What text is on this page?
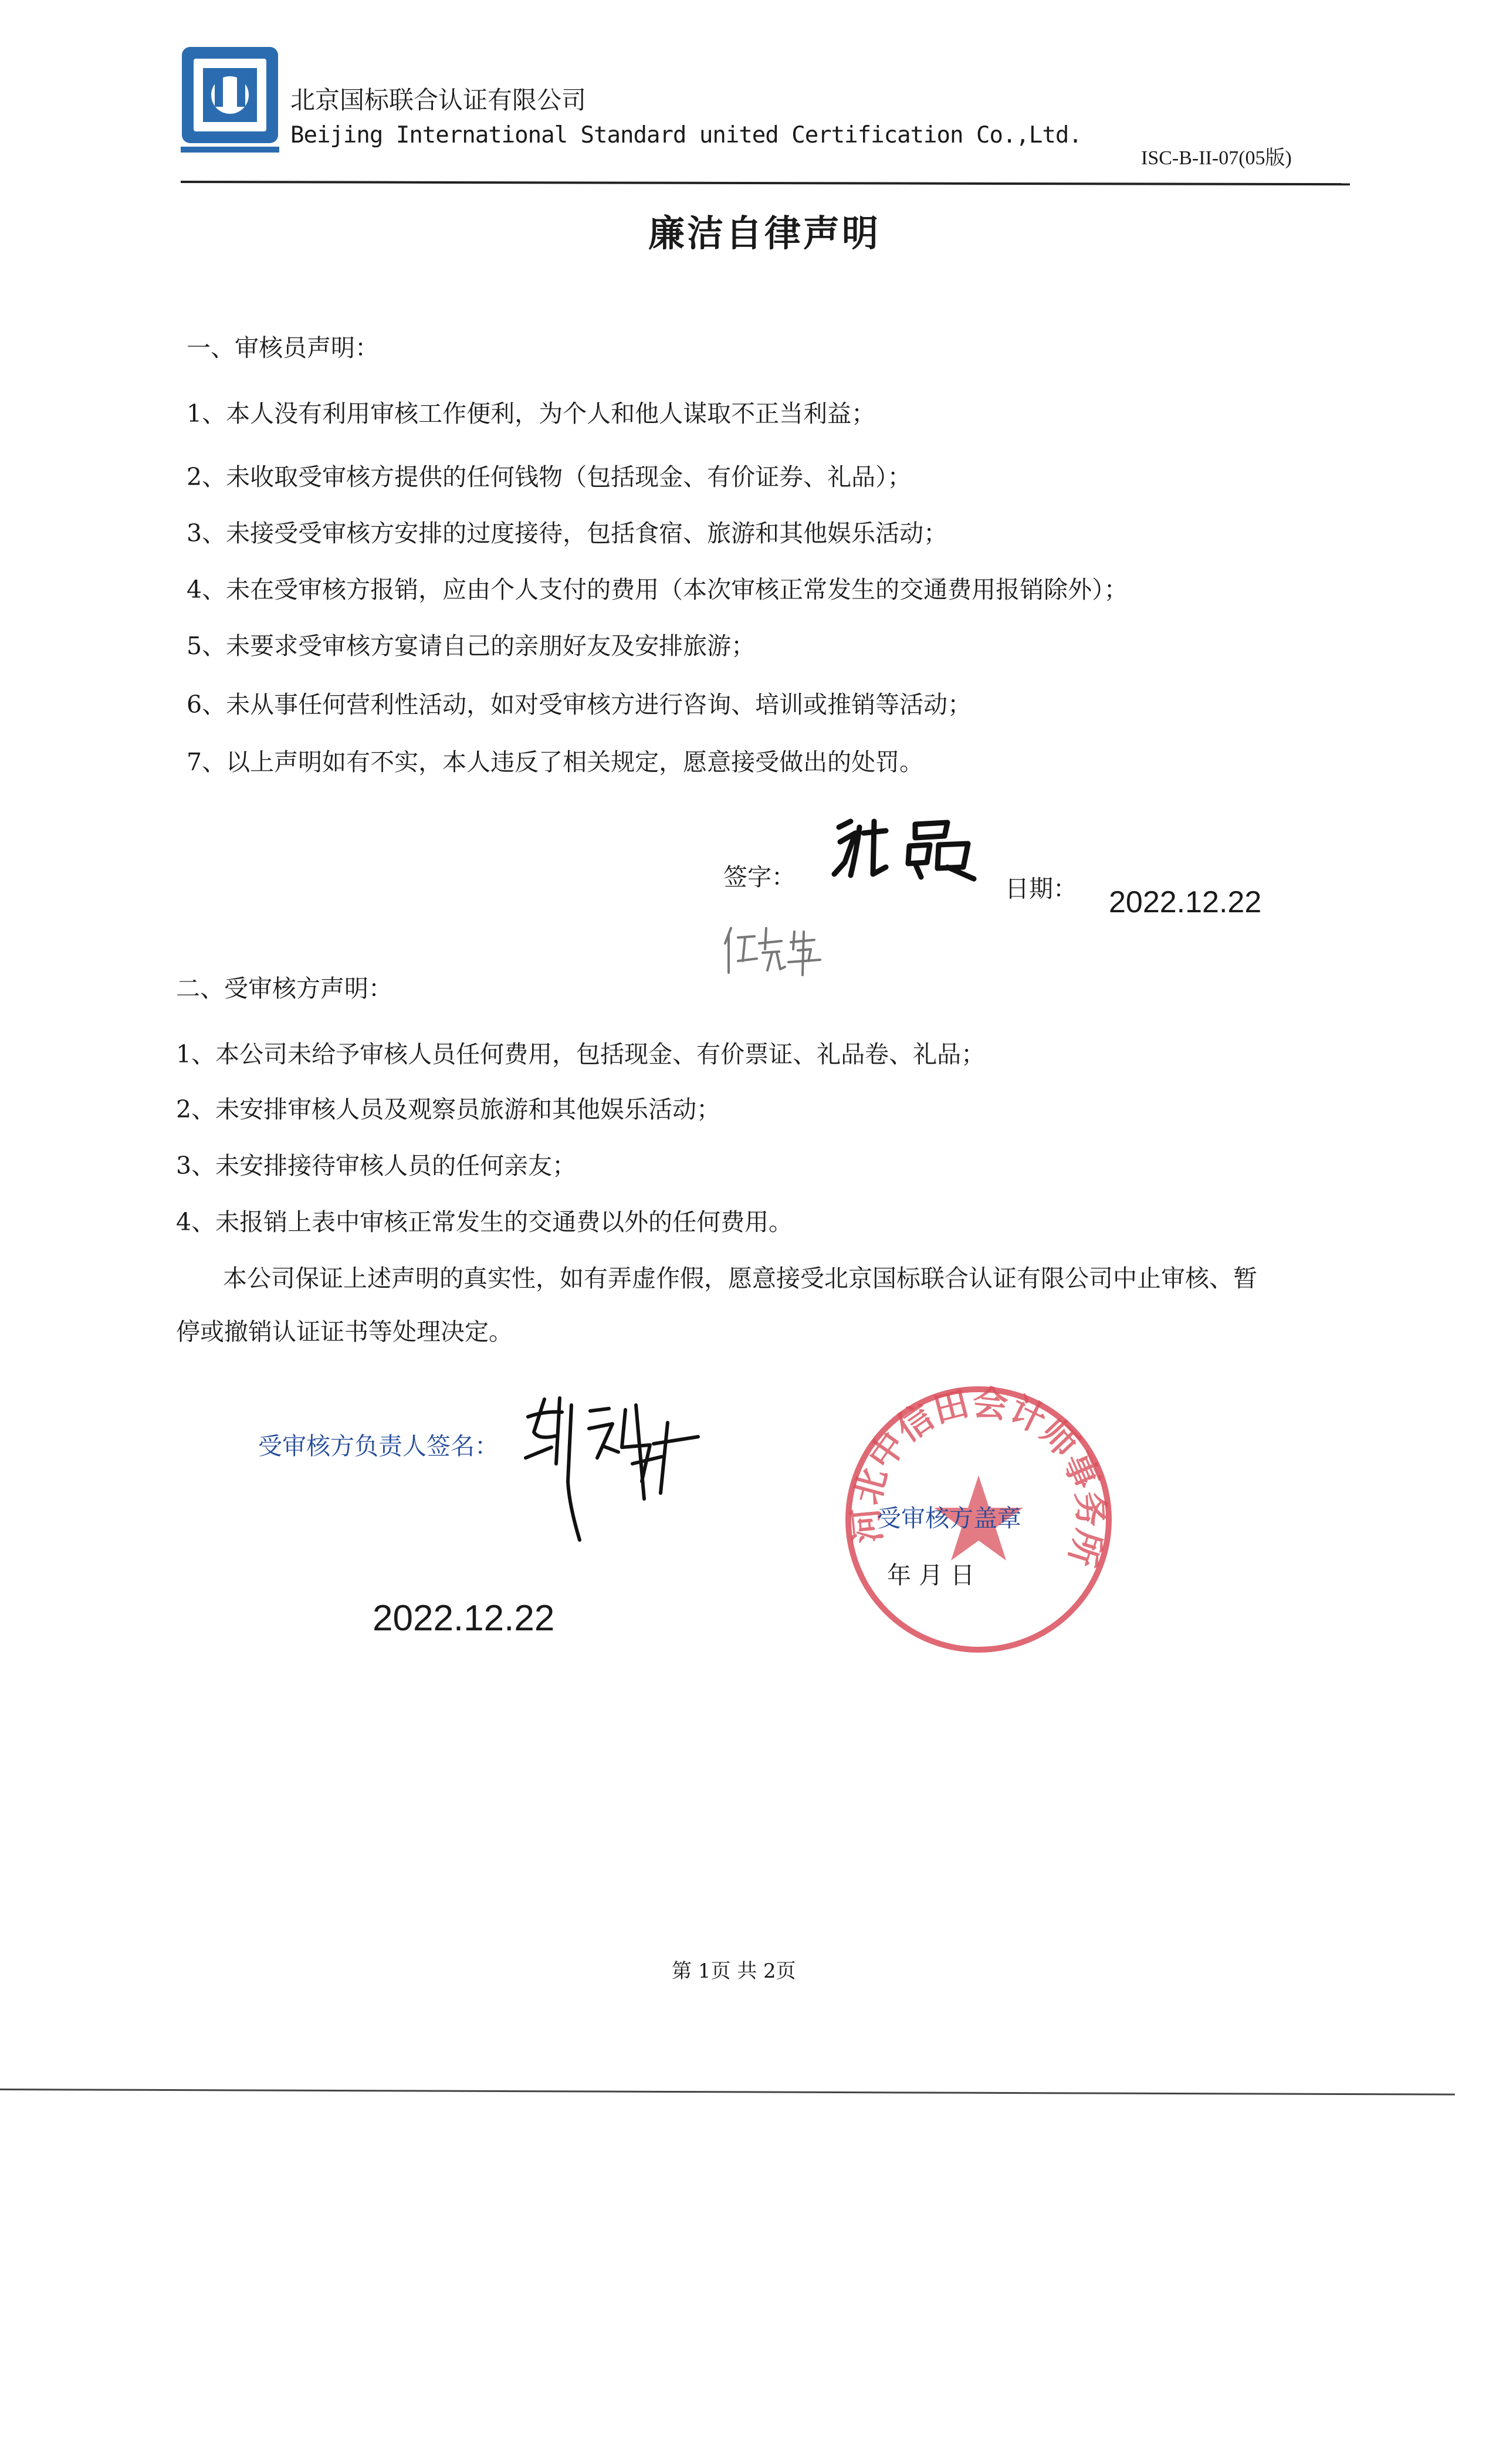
北京国标联合认证有限公司
Beijing International Standard united Certification Co.,Ltd.
ISC-B-II-07(05版)
廉洁自律声明
一、审核员声明：
1、本人没有利用审核工作便利，为个人和他人谋取不正当利益；
2、未收取受审核方提供的任何钱物（包括现金、有价证券、礼品）；
3、未接受受审核方安排的过度接待，包括食宿、旅游和其他娱乐活动；
4、未在受审核方报销，应由个人支付的费用（本次审核正常发生的交通费用报销除外）；
5、未要求受审核方宴请自己的亲朋好友及安排旅游；
6、未从事任何营利性活动，如对受审核方进行咨询、培训或推销等活动；
7、以上声明如有不实，本人违反了相关规定，愿意接受做出的处罚。
签字：	日期： 2022.12.22
二、受审核方声明：
1、本公司未给予审核人员任何费用，包括现金、有价票证、礼品卷、礼品；
2、未安排审核人员及观察员旅游和其他娱乐活动；
3、未安排接待审核人员的任何亲友；
4、未报销上表中审核正常发生的交通费以外的任何费用。
本公司保证上述声明的真实性，如有弄虚作假，愿意接受北京国标联合认证有限公司中止审核、暂
停或撤销认证证书等处理决定。
受审核方负责人签名：
河北中信田会计师事务所
受审核方盖章
年 月 日
2022.12.22
第 1页 共 2页
